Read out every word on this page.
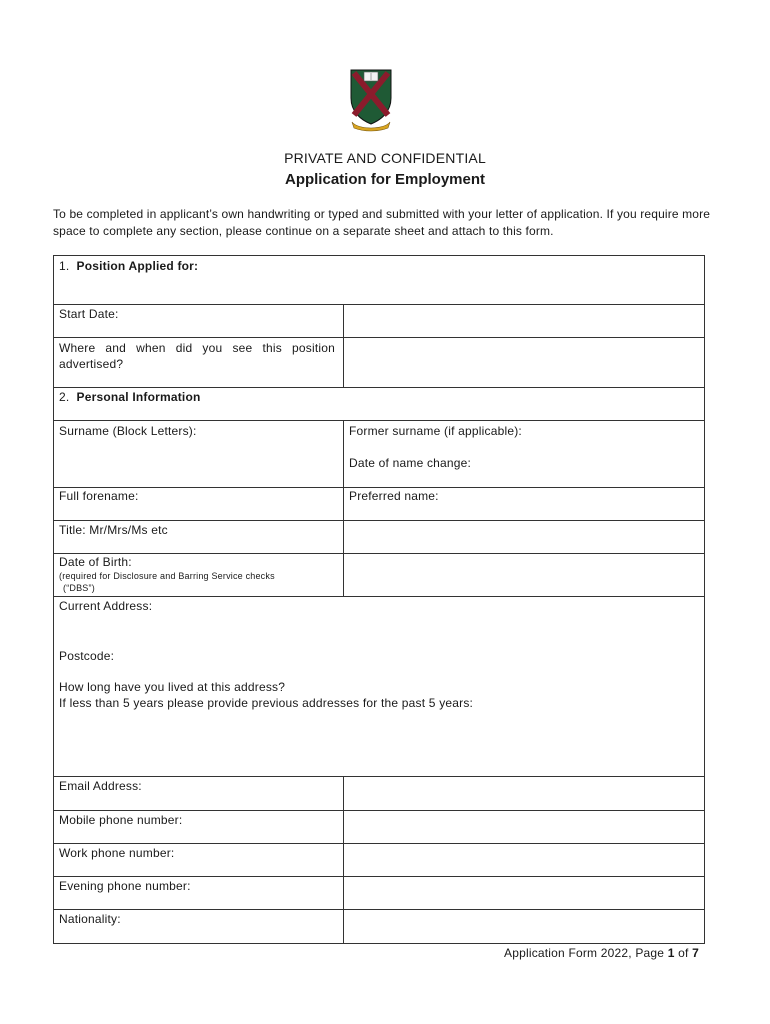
PRIVATE AND CONFIDENTIAL
Application for Employment
To be completed in applicant’s own handwriting or typed and submitted with your letter of application. If you require more space to complete any section, please continue on a separate sheet and attach to this form.
1. Position Applied for:
Start Date:
Where and when did you see this position advertised?
2. Personal Information
Surname (Block Letters):	Former surname (if applicable):
Date of name change:
Full forename:	Preferred name:
Title: Mr/Mrs/Ms etc
Date of Birth:
(required for Disclosure and Barring Service checks
(“DBS”)
Current Address:
Postcode:
How long have you lived at this address?
If less than 5 years please provide previous addresses for the past 5 years:
Email Address:
Mobile phone number:
Work phone number:
Evening phone number:
Nationality:
Application Form 2022, Page 1 of 7
